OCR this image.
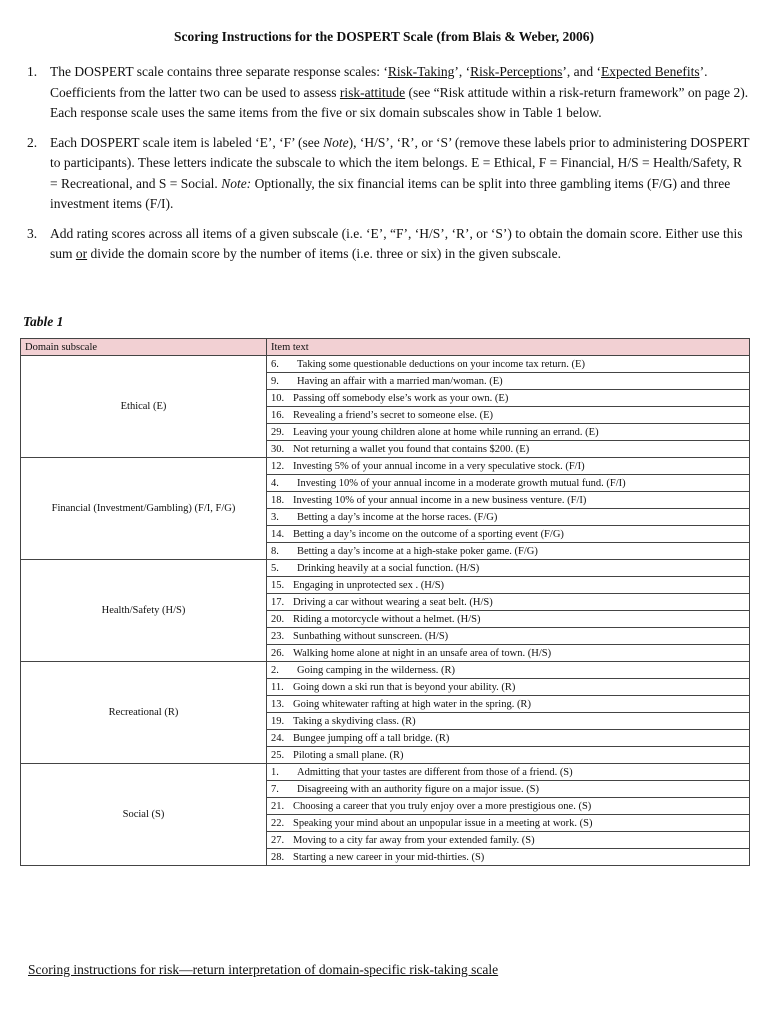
Scoring Instructions for the DOSPERT Scale (from Blais & Weber, 2006)
1. The DOSPERT scale contains three separate response scales: ‘Risk-Taking’, ‘Risk-Perceptions’, and ‘Expected Benefits’. Coefficients from the latter two can be used to assess risk-attitude (see “Risk attitude within a risk-return framework” on page 2). Each response scale uses the same items from the five or six domain subscales show in Table 1 below.
2. Each DOSPERT scale item is labeled ‘E’, ‘F’ (see Note), ‘H/S’, ‘R’, or ‘S’ (remove these labels prior to administering DOSPERT to participants). These letters indicate the subscale to which the item belongs. E = Ethical, F = Financial, H/S = Health/Safety, R = Recreational, and S = Social. Note: Optionally, the six financial items can be split into three gambling items (F/G) and three investment items (F/I).
3. Add rating scores across all items of a given subscale (i.e. ‘E’, “F’, ‘H/S’, ‘R’, or ‘S’) to obtain the domain score. Either use this sum or divide the domain score by the number of items (i.e. three or six) in the given subscale.
Table 1
Domain subscale	Item text
Ethical (E)	6. Taking some questionable deductions on your income tax return. (E)
	9. Having an affair with a married man/woman. (E)
	10. Passing off somebody else’s work as your own. (E)
	16. Revealing a friend’s secret to someone else. (E)
	29. Leaving your young children alone at home while running an errand. (E)
	30. Not returning a wallet you found that contains $200. (E)
Financial (Investment/Gambling) (F/I, F/G)	12. Investing 5% of your annual income in a very speculative stock. (F/I)
	4. Investing 10% of your annual income in a moderate growth mutual fund. (F/I)
	18. Investing 10% of your annual income in a new business venture. (F/I)
	3. Betting a day’s income at the horse races. (F/G)
	14. Betting a day’s income on the outcome of a sporting event (F/G)
	8. Betting a day’s income at a high-stake poker game. (F/G)
Health/Safety (H/S)	5. Drinking heavily at a social function. (H/S)
	15. Engaging in unprotected sex . (H/S)
	17. Driving a car without wearing a seat belt. (H/S)
	20. Riding a motorcycle without a helmet. (H/S)
	23. Sunbathing without sunscreen. (H/S)
	26. Walking home alone at night in an unsafe area of town. (H/S)
Recreational (R)	2. Going camping in the wilderness. (R)
	11. Going down a ski run that is beyond your ability. (R)
	13. Going whitewater rafting at high water in the spring. (R)
	19. Taking a skydiving class. (R)
	24. Bungee jumping off a tall bridge. (R)
	25. Piloting a small plane. (R)
Social (S)	1. Admitting that your tastes are different from those of a friend. (S)
	7. Disagreeing with an authority figure on a major issue. (S)
	21. Choosing a career that you truly enjoy over a more prestigious one. (S)
	22. Speaking your mind about an unpopular issue in a meeting at work. (S)
	27. Moving to a city far away from your extended family. (S)
	28. Starting a new career in your mid-thirties. (S)
Scoring instructions for risk—return interpretation of domain-specific risk-taking scale
